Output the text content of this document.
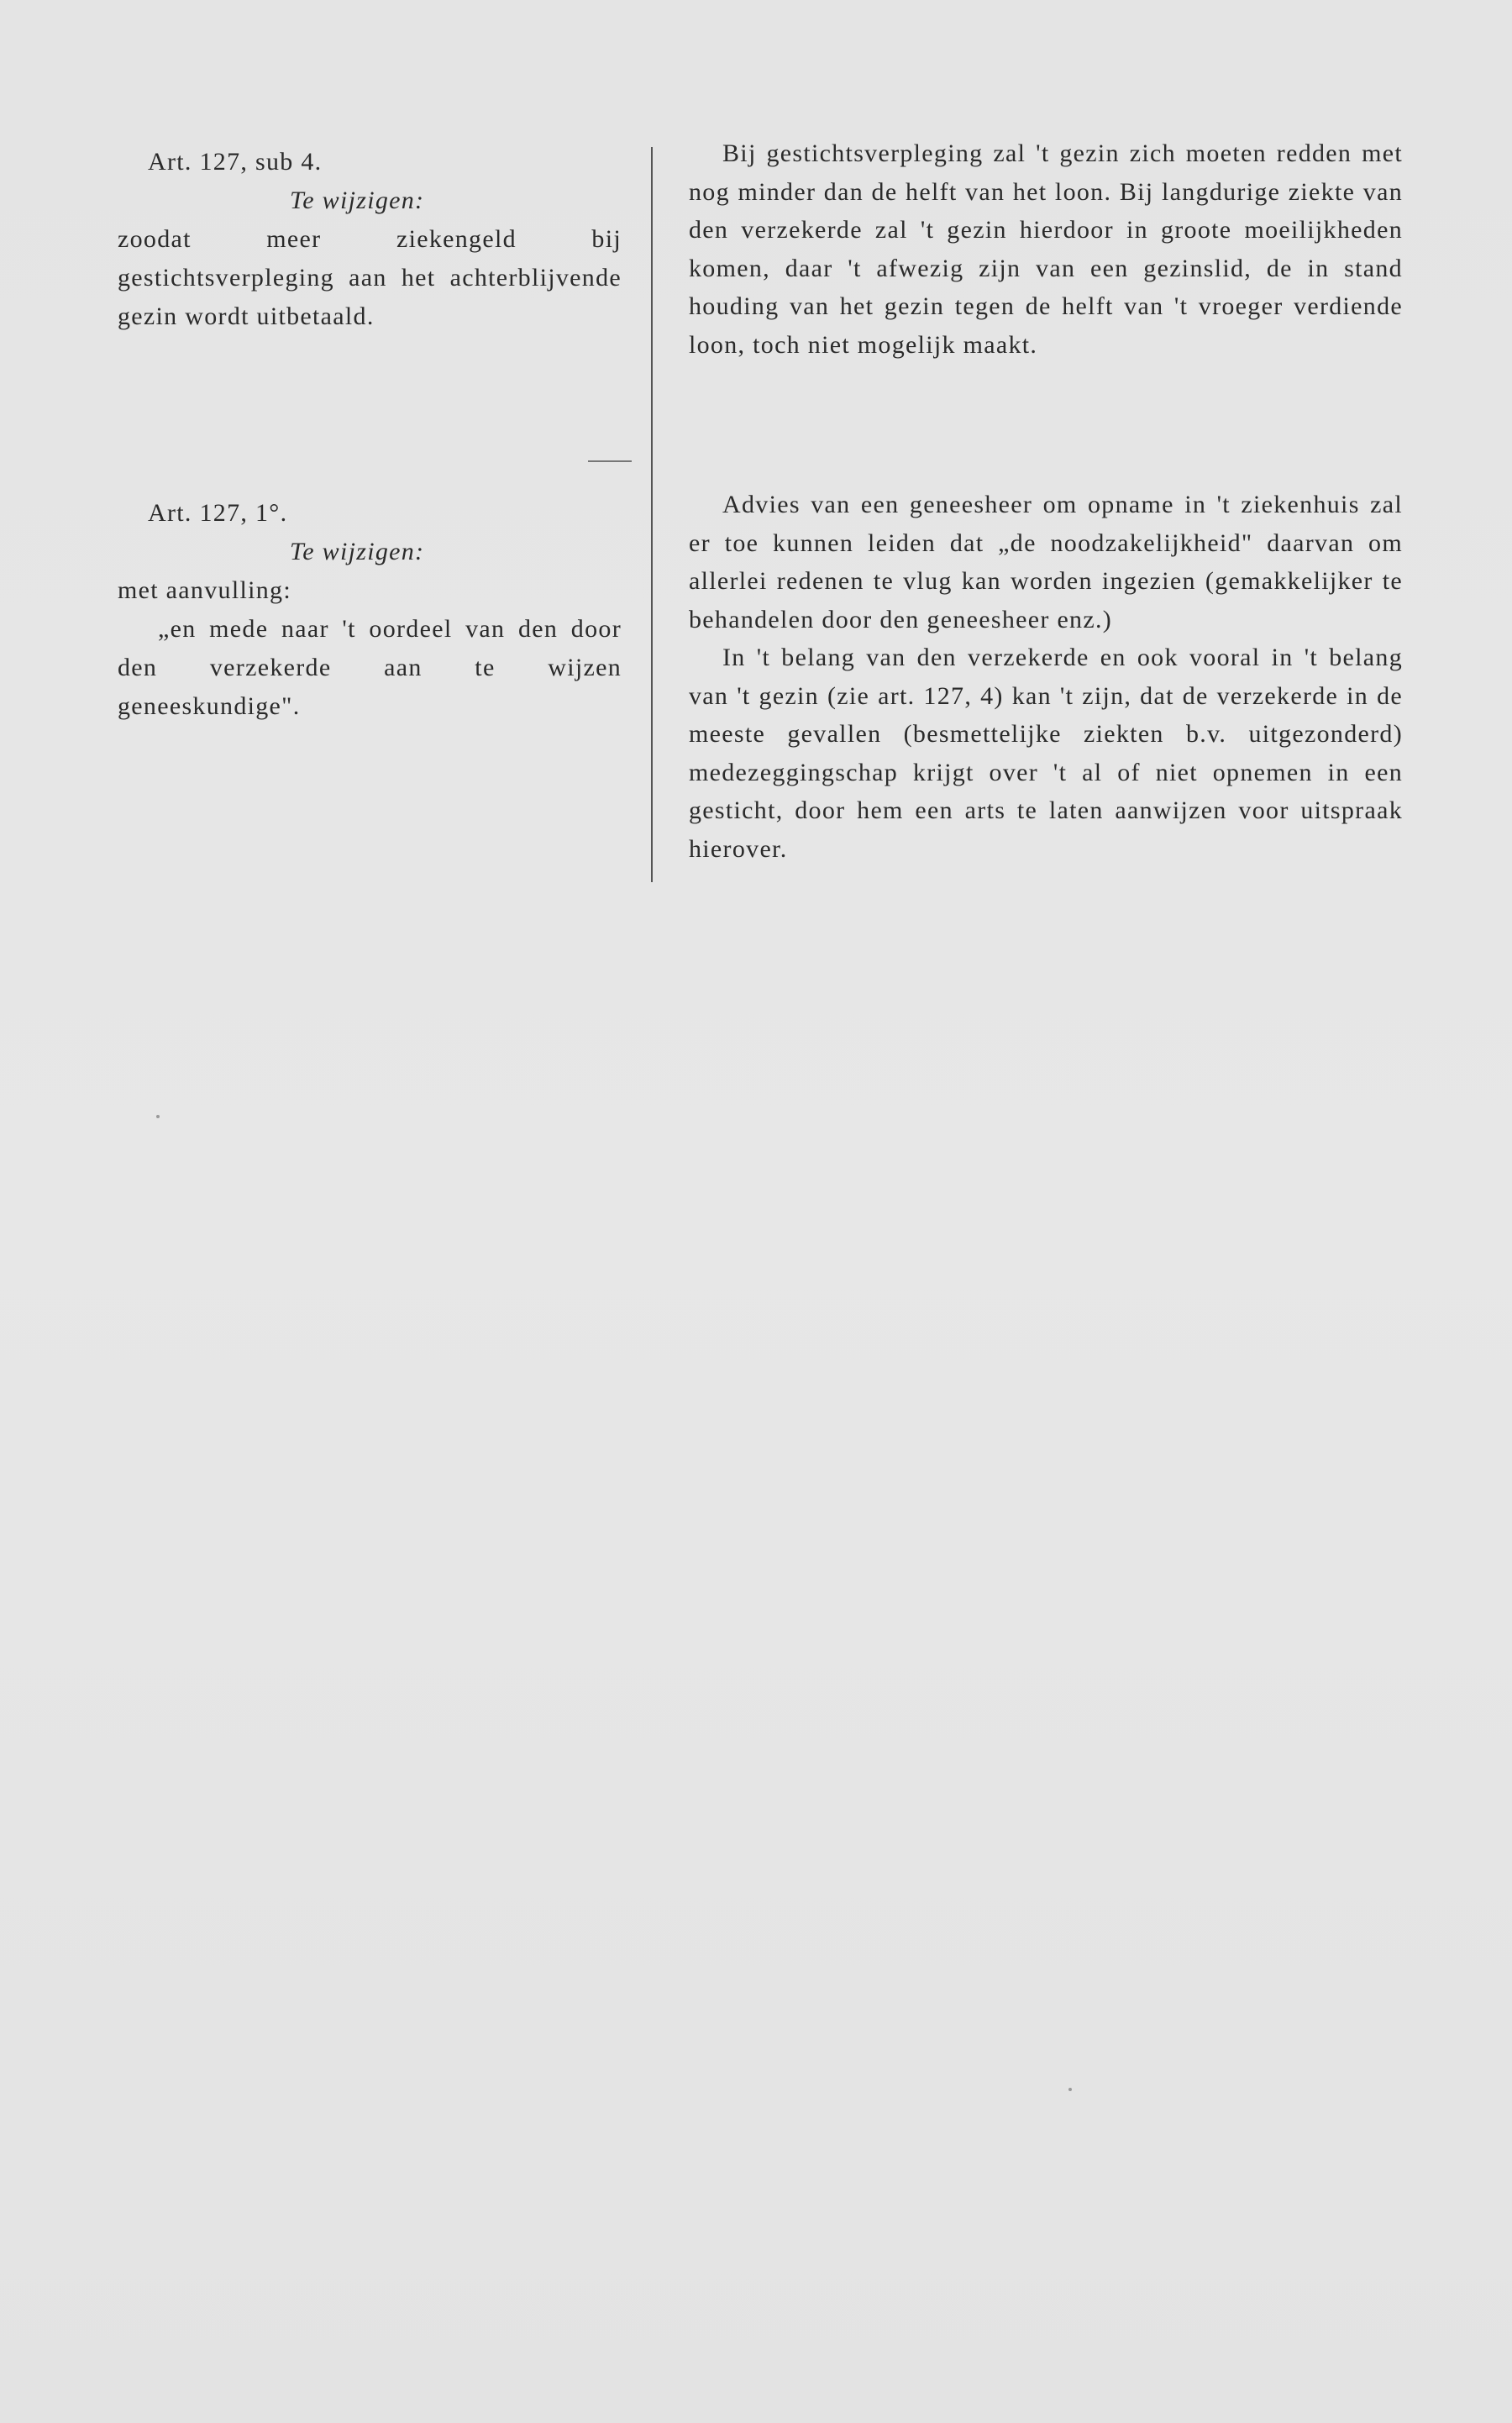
Art. 127, sub 4.
Te wijzigen:
zoodat meer ziekengeld bij gestichtsverpleging aan het achterblijvende gezin wordt uitbetaald.
Bij gestichtsverpleging zal 't gezin zich moeten redden met nog minder dan de helft van het loon. Bij langdurige ziekte van den verzekerde zal 't gezin hierdoor in groote moeilijkheden komen, daar 't afwezig zijn van een gezinslid, de in stand houding van het gezin tegen de helft van 't vroeger verdiende loon, toch niet mogelijk maakt.
Art. 127, 1°.
Te wijzigen:
met aanvulling:
„en mede naar 't oordeel van den door den verzekerde aan te wijzen geneeskundige".
Advies van een geneesheer om opname in 't ziekenhuis zal er toe kunnen leiden dat „de noodzakelijkheid" daarvan om allerlei redenen te vlug kan worden ingezien (gemakkelijker te behandelen door den geneesheer enz.)
In 't belang van den verzekerde en ook vooral in 't belang van 't gezin (zie art. 127, 4) kan 't zijn, dat de verzekerde in de meeste gevallen (besmettelijke ziekten b.v. uitgezonderd) medezeggingschap krijgt over 't al of niet opnemen in een gesticht, door hem een arts te laten aanwijzen voor uitspraak hierover.
